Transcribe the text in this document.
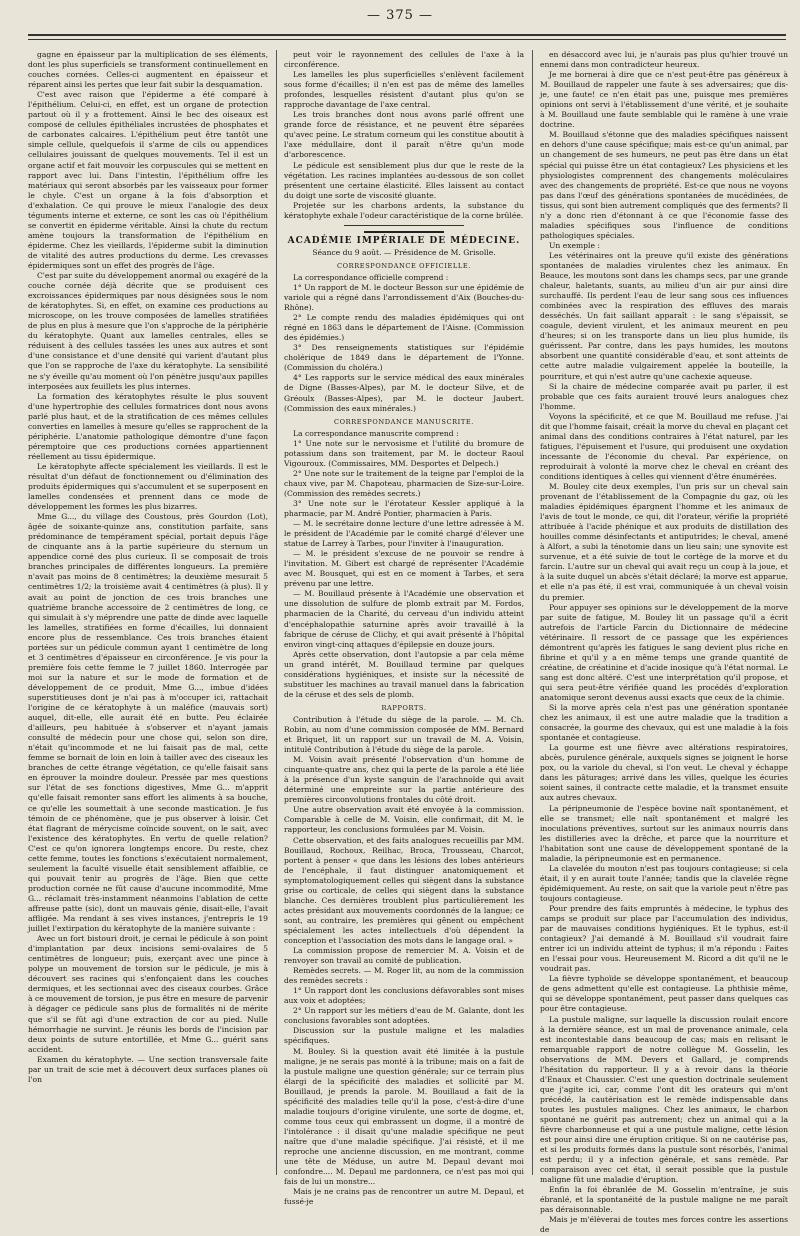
— 375 —

gagne en épaisseur par la multiplication de ses éléments, dont les plus superficiels se transforment continuellement en couches cornées. Celles-ci augmentent en épaisseur et réparent ainsi les pertes que leur fait subir la desquamation.

C'est avec raison que l'épiderme a été comparé à l'épithélium. Celui-ci, en effet, est un organe de protection partout où il y a frottement. Ainsi le bec des oiseaux est composé de cellules épithéliales incrustées de phosphates et de carbonates calcaires. L'épithélium peut être tantôt une simple cellule, quelquefois il s'arme de cils ou appendices cellulaires jouissant de quelques mouvements. Tel il est un organe actif et fait mouvoir les corpuscules qui se mettent en rapport avec lui. Dans l'intestin, l'épithélium offre les matériaux qui seront absorbés par les vaisseaux pour former le chyle. C'est un organe à la fois d'absorption et d'exhalation. Ce qui prouve le mieux l'analogie des deux téguments interne et externe, ce sont les cas où l'épithélium se convertit en épiderme véritable. Ainsi la chute du rectum amène toujours la transformation de l'épithélium en épiderme. Chez les vieillards, l'épiderme subit la diminution de vitalité des autres productions du derme. Les crevasses épidermiques sont un effet des progrès de l'âge.

C'est par suite du développement anormal ou exagéré de la couche cornée déjà décrite que se produisent ces excroissances épidermiques par nous désignées sous le nom de kératophytes. Si, en effet, on examine ces productions au microscope, on les trouve composées de lamelles stratifiées de plus en plus à mesure que l'on s'approche de la périphérie du kératophyte. Quant aux lamelles centrales, elles se réduisent à des cellules tassées les unes aux autres et sont d'une consistance et d'une densité qui varient d'autant plus que l'on se rapproche de l'axe du kératophyte. La sensibilité ne s'y éveille qu'au moment où l'on pénètre jusqu'aux papilles interposées aux feuillets les plus internes.

La formation des kératophytes résulte le plus souvent d'une hypertrophie des cellules formatrices dont nous avons parlé plus haut, et de la stratification de ces mêmes cellules converties en lamelles à mesure qu'elles se rapprochent de la périphérie. L'anatomie pathologique démontre d'une façon péremptoire que ces productions cornées appartiennent réellement au tissu épidermique.

Le kératophyte affecte spécialement les vieillards. Il est le résultat d'un défaut de fonctionnement ou d'élimination des produits épidermiques qui s'accumulent et se superposent en lamelles condensées et prennent dans ce mode de développement les formes les plus bizarres.

Mme G..., du village des Coustous, près Gourdon (Lot), âgée de soixante-quinze ans, constitution parfaite, sans prédominance de tempérament spécial, portait depuis l'âge de cinquante ans à la partie supérieure du sternum un appendice corné des plus curieux. Il se composait de trois branches principales de différentes longueurs. La première n'avait pas moins de 8 centimètres; la deuxième mesurait 5 centimètres 1/2; la troisième avait 4 centimètres (à plus). Il y avait au point de jonction de ces trois branches une quatrième branche accessoire de 2 centimètres de long, ce qui simulait à s'y méprendre une patte de dinde avec laquelle les lamelles, stratifiées en forme d'écailles, lui donnaient encore plus de ressemblance. Ces trois branches étaient portées sur un pédicule commun ayant 1 centimètre de long et 3 centimètres d'épaisseur en circonférence. Je vis pour la première fois cette femme le 7 juillet 1860. Interrogée par moi sur la nature et sur le mode de formation et de développement de ce produit, Mme G..., imbue d'idées superstitieuses dont je n'ai pas à m'occuper ici, rattachait l'origine de ce kératophyte à un maléfice (mauvais sort) auquel, dit-elle, elle aurait été en butte. Peu éclairée d'ailleurs, peu habituée à s'observer et n'ayant jamais consulté de médecin pour une chose qui, selon son dire, n'était qu'incommode et ne lui faisait pas de mal, cette femme se bornait de loin en loin à tailler avec des ciseaux les branches de cette étrange végétation, ce qu'elle faisait sans en éprouver la moindre douleur. Pressée par mes questions sur l'état de ses fonctions digestives, Mme G... m'apprit qu'elle faisait remonter sans effort les aliments à sa bouche, ce qu'elle les soumettait à une seconde mastication. Je fus témoin de ce phénomène, que je pus observer à loisir. Cet état flagrant de mérycisme coïncide souvent, on le sait, avec l'existence des kératophytes. En vertu de quelle relation? C'est ce qu'on ignorera longtemps encore. Du reste, chez cette femme, toutes les fonctions s'exécutaient normalement, seulement la faculté visuelle était sensiblement affaiblie, ce qui pouvait tenir au progrès de l'âge. Bien que cette production cornée ne fût cause d'aucune incommodité, Mme G... réclamait très-instamment néanmoins l'ablation de cette affreuse patte (sic), dont un mauvais génie, disait-elle, l'avait affligée. Ma rendant à ses vives instances, j'entrepris le 19 juillet l'extirpation du kératophyte de la manière suivante :

Avec un fort bistouri droit, je cernai le pédicule à son point d'implantation par deux incisions semi-ovalaires de 5 centimètres de longueur; puis, exerçant avec une pince à polype un mouvement de torsion sur le pédicule, je mis à découvert ses racines qui s'enfonçaient dans les couches dermiques, et les sectionnai avec des ciseaux courbes. Grâce à ce mouvement de torsion, je pus être en mesure de parvenir à dégager ce pédicule sans plus de formalités ni de mérite que s'il se fût agi d'une extraction de cor au pied. Nulle hémorrhagie ne survint. Je réunis les bords de l'incision par deux points de suture entortillée, et Mme G... guérit sans accident.

Examen du kératophyte. — Une section transversale faite par un trait de scie met à découvert deux surfaces planes où l'on

peut voir le rayonnement des cellules de l'axe à la circonférence.

Les lamelles les plus superficielles s'enlèvent facilement sous forme d'écailles; il n'en est pas de même des lamelles profondes, lesquelles résistent d'autant plus qu'on se rapproche davantage de l'axe central.

Les trois branches dont nous avons parlé offrent une grande force de résistance, et ne peuvent être séparées qu'avec peine. Le stratum corneum qui les constitue aboutit à l'axe médullaire, dont il paraît n'être qu'un mode d'arborescence.

Le pédicule est sensiblement plus dur que le reste de la végétation. Les racines implantées au-dessous de son collet présentent une certaine élasticité. Elles laissent au contact du doigt une sorte de viscosité gluante.

Projetée sur les charbons ardents, la substance du kératophyte exhale l'odeur caractéristique de la corne brûlée.

ACADÉMIE IMPÉRIALE DE MÉDECINE.
Séance du 9 août. — Présidence de M. Grisolle.
CORRESPONDANCE OFFICIELLE.

La correspondance officielle comprend :

1° Un rapport de M. le docteur Besson sur une épidémie de variole qui a régné dans l'arrondissement d'Aix (Bouches-du-Rhône).

2° Le compte rendu des maladies épidémiques qui ont régné en 1863 dans le département de l'Aisne. (Commission des épidémies.)

3° Des renseignements statistiques sur l'épidémie cholérique de 1849 dans le département de l'Yonne. (Commission du choléra.)

4° Les rapports sur le service médical des eaux minérales de Digne (Basses-Alpes), par M. le docteur Silve, et de Gréoulx (Basses-Alpes), par M. le docteur Jaubert. (Commission des eaux minérales.)

CORRESPONDANCE MANUSCRITE.

La correspondance manuscrite comprend :

1° Une note sur le nervosisme et l'utilité du bromure de potassium dans son traitement, par M. le docteur Raoul Vigouroux. (Commissaires, MM. Desportes et Delpech.)

2° Une note sur le traitement de la teigne par l'emploi de la chaux vive, par M. Chapoteau, pharmacien de Size-sur-Loire. (Commission des remèdes secrets.)

3° Une note sur le l'érotateur Kessler appliqué à la pharmacie, par M. André Pontier, pharmacien à Paris.

— M. le secrétaire donne lecture d'une lettre adressée à M. le président de l'Académie par le comité chargé d'élever une statue de Larrey à Tarbes, pour l'inviter à l'inauguration.

— M. le président s'excuse de ne pouvoir se rendre à l'invitation. M. Gibert est chargé de représenter l'Académie avec M. Bousquet, qui est en ce moment à Tarbes, et sera prévenu par une lettre.

— M. Bouillaud présente à l'Académie une observation et une dissolution de sulfure de plomb extrait par M. Fordos, pharmacien de la Charité, du cerveau d'un individu atteint d'encéphalopathie saturnine après avoir travaillé à la fabrique de céruse de Clichy, et qui avait présenté à l'hôpital environ vingt-cinq attaques d'épilepsie en douze jours.

Après cette observation, dont l'autopsie a par cela même un grand intérêt, M. Bouillaud termine par quelques considérations hygiéniques, et insiste sur la nécessité de substituer les machines au travail manuel dans la fabrication de la céruse et des sels de plomb.

RAPPORTS.

Contribution à l'étude du siège de la parole. — M. Ch. Robin, au nom d'une commission composée de MM. Bernard et Briquet, lit un rapport sur un travail de M. A. Voisin, intitulé Contribution à l'étude du siège de la parole.

M. Voisin avait présenté l'observation d'un homme de cinquante-quatre ans, chez qui la perte de la parole a été liée à la présence d'un kyste sanguin de l'arachnoïde qui avait déterminé une empreinte sur la partie antérieure des premières circonvolutions frontales du côté droit.

Une autre observation avait été envoyée à la commission. Comparable à celle de M. Voisin, elle confirmait, dit M. le rapporteur, les conclusions formulées par M. Voisin.

Cette observation, et des faits analogues recueillis par MM. Bouillaud, Rochoux, Reilhac, Broca, Trousseau, Charcot, portent à penser « que dans les lésions des lobes antérieurs de l'encéphale, il faut distinguer anatomiquement et symptomatologiquement celles qui siègent dans la substance grise ou corticale, de celles qui siègent dans la substance blanche. Ces dernières troublent plus particulièrement les actes présidant aux mouvements coordonnés de la langue; ce sont, au contraire, les premières qui gênent ou empêchent spécialement les actes intellectuels d'où dépendent la conception et l'association des mots dans le langage oral. »

La commission propose de remercier M. A. Voisin et de renvoyer son travail au comité de publication.

Remèdes secrets. — M. Roger lit, au nom de la commission des remèdes secrets :

1° Un rapport dont les conclusions défavorables sont mises aux voix et adoptées;

2° Un rapport sur les métiers d'eau de M. Galante, dont les conclusions favorables sont adoptées.

Discussion sur la pustule maligne et les maladies spécifiques.

M. Bouley. Si la question avait été limitée à la pustule maligne, je ne serais pas monté à la tribune; mais on a fait de la pustule maligne une question générale; sur ce terrain plus élargi de la spécificité des maladies et sollicité par M. Bouillaud, je prends la parole. M. Bouillaud a fait de la spécificité des maladies telle qu'il la pose, c'est-à-dire d'une maladie toujours d'origine virulente, une sorte de dogme, et, comme tous ceux qui embrassent un dogme, il a montré de l'intolérance : il disait qu'une maladie spécifique ne peut naître que d'une maladie spécifique. J'ai résisté, et il me reproche une ancienne discussion, en me montrant, comme une tête de Méduse, un autre M. Depaul devant moi confondre.... M. Depaul me pardonnera, ce n'est pas moi qui fais de lui un monstre...

Mais je ne crains pas de rencontrer un autre M. Depaul, et fussé-je

en désaccord avec lui, je n'aurais pas plus qu'hier trouvé un ennemi dans mon contradicteur heureux.

Je me bornerai à dire que ce n'est peut-être pas généreux à M. Bouillaud de rappeler une faute à ses adversaires; que dis-je, une faute! ce n'en était pas une, puisque mes premières opinions ont servi à l'établissement d'une vérité, et je souhaite à M. Bouillaud une faute semblable qui le ramène à une vraie doctrine.

M. Bouillaud s'étonne que des maladies spécifiques naissent en dehors d'une cause spécifique; mais est-ce qu'un animal, par un changement de ses humeurs, ne peut pas être dans un état spécial qui puisse être un état contagieux? Les physiciens et les physiologistes comprennent des changements moléculaires avec des changements de propriété. Est-ce que nous ne voyons pas dans l'œuf des générations spontanées de mucédinées, de tissus, qui sont bien autrement compliqués que des ferments? Il n'y a donc rien d'étonnant à ce que l'économie fasse des maladies spécifiques sous l'influence de conditions pathologiques spéciales.

Un exemple :

Les vétérinaires ont la preuve qu'il existe des générations spontanées de maladies virulentes chez les animaux. En Beauce, les moutons sont dans les champs secs, par une grande chaleur, haletants, suants, au milieu d'un air pur ainsi dire surchauffé. Ils perdent l'eau de leur sang sous ces influences combinées avec la respiration des effluves des marais desséchés. Un fait saillant apparaît : le sang s'épaissit, se coagule, devient virulent, et les animaux meurent en peu d'heures; si on les transporte dans un lieu plus humide, ils guérissent. Par contre, dans les pays humides, les moutons absorbent une quantité considérable d'eau, et sont atteints de cette autre maladie vulgairement appelée la bouteille, la pourriture, et qui n'est autre qu'une cachexie aqueuse.

Si la chaire de médecine comparée avait pu parler, il est probable que ces faits auraient trouvé leurs analogues chez l'homme.

Voyons la spécificité, et ce que M. Bouillaud me refuse. J'ai dit que l'homme faisait, créait la morve du cheval en plaçant cet animal dans des conditions contraires à l'état naturel, par les fatigues, l'épuisement et l'usure, qui produisent une oxydation incessante de l'économie du cheval. Par expérience, on reproduirait à volonté la morve chez le cheval en créant des conditions identiques à celles qui viennent d'être énumérées.

M. Bouley cite deux exemples, l'un pris sur un cheval sain provenant de l'établissement de la Compagnie du gaz, où les maladies épidémiques épargnent l'homme et les animaux de l'avis de tout le monde, ce qui, dit l'orateur, vérifie la propriété attribuée à l'acide phénique et aux produits de distillation des houilles comme désinfectants et antiputrides; le cheval, amené à Alfort, a subi la ténotomie dans un lieu sain; une synovite est survenue, et a été suivie de tout le cortège de la morve et du farcin. L'autre sur un cheval qui avait reçu un coup à la joue, et à la suite duquel un abcès s'était déclaré; la morve est apparue, et elle n'a pas été, il est vrai, communiquée à un cheval voisin du premier.

Pour appuyer ses opinions sur le développement de la morve par suite de fatigue, M. Bouley lit un passage qu'il a écrit autrefois de l'article Farcin du Dictionnaire de médecine vétérinaire. Il ressort de ce passage que les expériences démontrent qu'après les fatigues le sang devient plus riche en fibrine et qu'il y a en même temps une grande quantité de créatine, de créatinine et d'acide inosique qu'à l'état normal. Le sang est donc altéré. C'est une interprétation qu'il propose, et qui sera peut-être vérifiée quand les procédés d'exploration anatomique seront devenus aussi exacts que ceux de la chimie.

Si la morve après cela n'est pas une génération spontanée chez les animaux, il est une autre maladie que la tradition a consacrée, la gourme des chevaux, qui est une maladie à la fois spontanée et contagieuse.

La gourme est une fièvre avec altérations respiratoires, abcès, purulence générale, auxquels signes se joignent le horse pox, ou la variole du cheval, si l'on veut. Le cheval y échappe dans les pâturages; arrivé dans les villes, quelque les écuries soient saines, il contracte cette maladie, et la transmet ensuite aux autres chevaux.

La péripneumonie de l'espèce bovine naît spontanément, et elle se transmet; elle naît spontanément et malgré les inoculations préventives, surtout sur les animaux nourris dans les distilleries avec la drêche, et parce que la nourriture et l'habitation sont une cause de développement spontané de la maladie, la péripneumonie est en permanence.

La clavelée du mouton n'est pas toujours contagieuse; si cela était, il y en aurait toute l'année; tandis que la clavelée règne épidémiquement. Au reste, on sait que la variole peut n'être pas toujours contagieuse.

Pour prendre des faits empruntés à médecine, le typhus des camps se produit sur place par l'accumulation des individus, par de mauvaises conditions hygiéniques. Et le typhus, est-il contagieux? J'ai demandé à M. Bouillaud s'il voudrait faire entrer ici un individu atteint de typhus; il m'a répondu : Faites en l'essai pour vous. Heureusement M. Ricord a dit qu'il ne le voudrait pas.

La fièvre typhoïde se développe spontanément, et beaucoup de gens admettent qu'elle est contagieuse. La phthisie même, qui se développe spontanément, peut passer dans quelques cas pour être contagieuse.

La pustule maligne, sur laquelle la discussion roulait encore à la dernière séance, est un mal de provenance animale, cela est incontestable dans beaucoup de cas; mais en relisant le remarquable rapport de notre collègue M. Gosselin, les observations de MM. Devers et Gallard, je comprends l'hésitation du rapporteur. Il y a à revoir dans la théorie d'Enaux et Chaussier. C'est une question doctrinale seulement que j'agite ici, car, comme l'ont dit les orateurs qui m'ont précédé, la cautérisation est le remède indispensable dans toutes les pustules malignes. Chez les animaux, le charbon spontané ne guérit pas autrement; chez un animal qui a la fièvre charbonneuse et qui a une pustule maligne, cette lésion est pour ainsi dire une éruption critique. Si on ne cautérise pas, et si les produits formés dans la pustule sont résorbés, l'animal est perdu; il y a infection générale, et sans remède. Par comparaison avec cet état, il serait possible que la pustule maligne fût une maladie d'éruption.

Enfin la foi ébranlée de M. Gosselin m'entraîne, je suis ébranlé, et la spontanéité de la pustule maligne ne me paraît pas déraisonnable.

Mais je m'élèverai de toutes mes forces contre les assertions de
